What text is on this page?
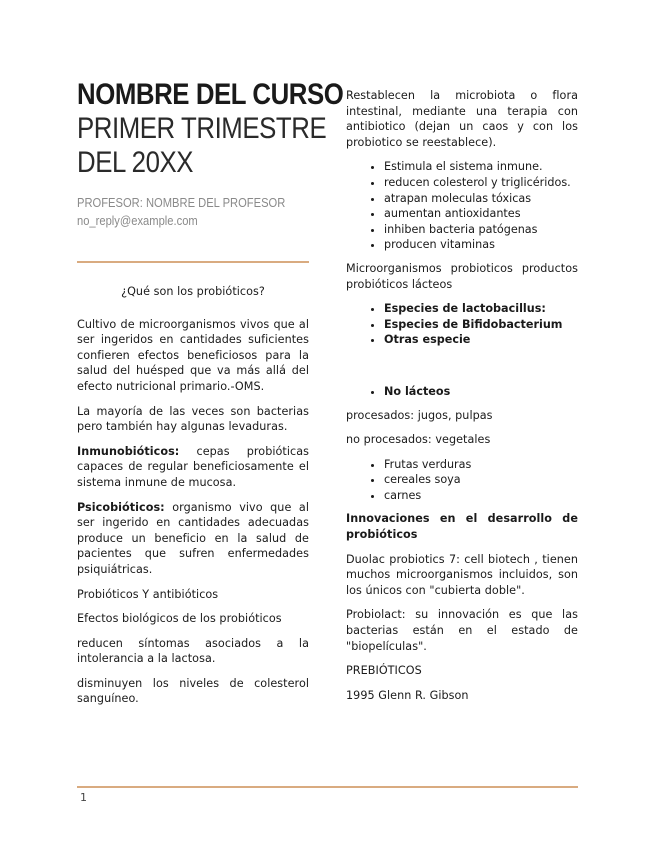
NOMBRE DEL CURSO
PRIMER TRIMESTRE
DEL 20XX
PROFESOR: NOMBRE DEL PROFESOR
no_reply@example.com

¿Qué son los probióticos?

Cultivo de microorganismos vivos que al ser ingeridos en cantidades suficientes confieren efectos beneficiosos para la salud del huésped que va más allá del efecto nutricional primario.-OMS.

La mayoría de las veces son bacterias pero también hay algunas levaduras.

Inmunobióticos: cepas probióticas capaces de regular beneficiosamente el sistema inmune de mucosa.

Psicobióticos: organismo vivo que al ser ingerido en cantidades adecuadas produce un beneficio en la salud de pacientes que sufren enfermedades psiquiátricas.

Probióticos Y antibióticos

Efectos biológicos de los probióticos

reducen síntomas asociados a la intolerancia a la lactosa.

disminuyen los niveles de colesterol sanguíneo.

Restablecen la microbiota o flora intestinal, mediante una terapia con antibiotico (dejan un caos y con los probiotico se reestablece).

• Estimula el sistema inmune.
• reducen colesterol y triglicéridos.
• atrapan moleculas tóxicas
• aumentan antioxidantes
• inhiben bacteria patógenas
• producen vitaminas

Microorganismos probioticos productos probióticos lácteos

• Especies de lactobacillus:
• Especies de Bifidobacterium
• Otras especie
• No lácteos

procesados: jugos, pulpas

no procesados: vegetales

• Frutas verduras
• cereales soya
• carnes

Innovaciones en el desarrollo de probióticos

Duolac probiotics 7: cell biotech , tienen muchos microorganismos incluidos, son los únicos con "cubierta doble".

Probiolact: su innovación es que las bacterias están en el estado de "biopelículas".

PREBIÓTICOS

1995 Glenn R. Gibson

1
